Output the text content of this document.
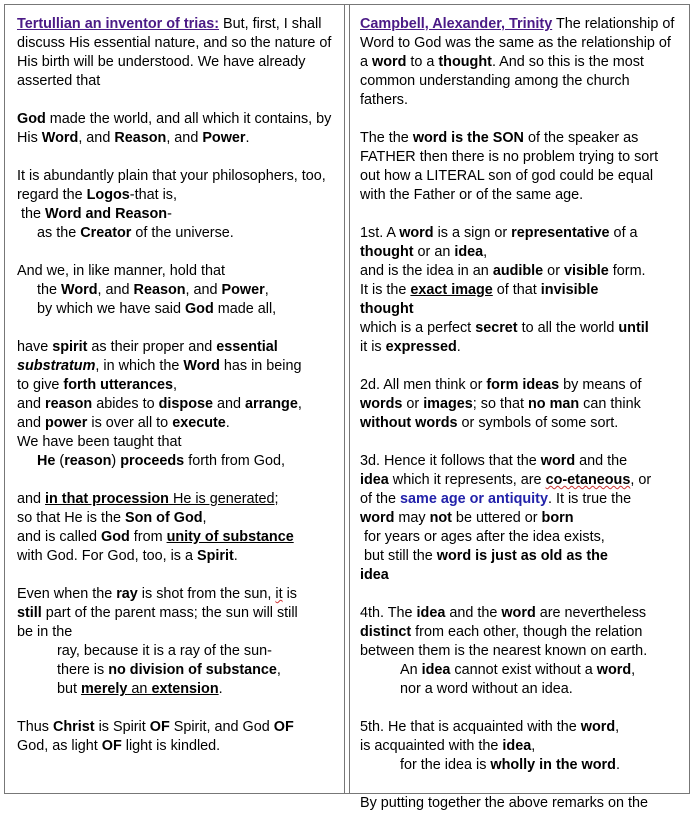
Tertullian an inventor of trias: But, first, I shall discuss His essential nature, and so the nature of His birth will be understood. We have already asserted that
God made the world, and all which it contains, by His Word, and Reason, and Power.
It is abundantly plain that your philosophers, too,
regard the Logos-that is,
the Word and Reason-
as the Creator of the universe.
And we, in like manner, hold that
the Word, and Reason, and Power,
by which we have said God made all,
have spirit as their proper and essential
substratum, in which the Word has in being
to give forth utterances,
and reason abides to dispose and arrange,
and power is over all to execute.
We have been taught that
He (reason) proceeds forth from God,
and in that procession He is generated;
so that He is the Son of God,
and is called God from unity of substance
with God. For God, too, is a Spirit.
Even when the ray is shot from the sun, it is
still part of the parent mass; the sun will still
be in the
ray, because it is a ray of the sun-
there is no division of substance,
but merely an extension.
Thus Christ is Spirit OF Spirit, and God OF
God, as light OF light is kindled.
Campbell, Alexander, Trinity The relationship of Word to God was the same as the relationship of a word to a thought. And so this is the most common understanding among the church fathers.
The the word is the SON of the speaker as FATHER then there is no problem trying to sort out how a LITERAL son of god could be equal with the Father or of the same age.
1st. A word is a sign or representative of a
thought or an idea,
and is the idea in an audible or visible form.
It is the exact image of that invisible
thought
which is a perfect secret to all the world until
it is expressed.
2d. All men think or form ideas by means of words or images; so that no man can think without words or symbols of some sort.
3d. Hence it follows that the word and the
idea which it represents, are co-etaneous, or
of the same age or antiquity. It is true the
word may not be uttered or born
for years or ages after the idea exists,
but still the word is just as old as the
idea
4th. The idea and the word are nevertheless
distinct from each other, though the relation
between them is the nearest known on earth.
An idea cannot exist without a word,
nor a word without an idea.
5th. He that is acquainted with the word,
is acquainted with the idea,
for the idea is wholly in the word.
By putting together the above remarks on the
